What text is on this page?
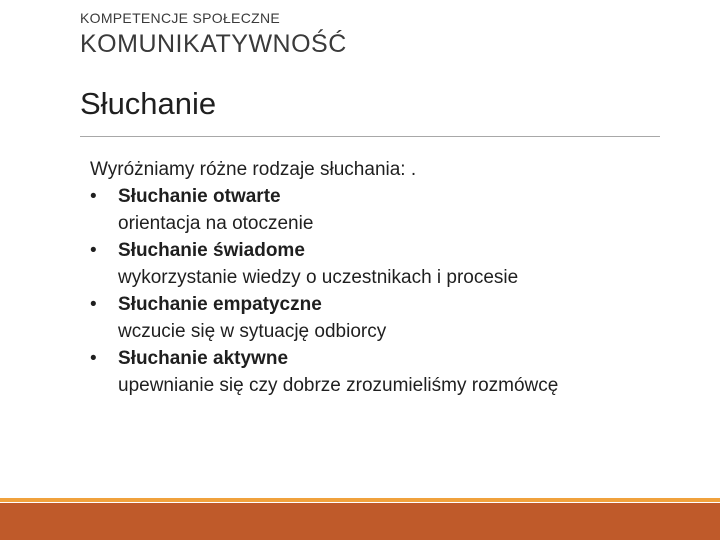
KOMPETENCJE SPOŁECZNE
KOMUNIKATYWNOŚĆ
Słuchanie

Wyróżniamy różne rodzaje słuchania: .

•	Słuchanie otwarte
orientacja na otoczenie
•	Słuchanie świadome
wykorzystanie wiedzy o uczestnikach i procesie
•	Słuchanie empatyczne
wczucie się w sytuację odbiorcy
•	Słuchanie aktywne
upewnianie się czy dobrze zrozumieliśmy rozmówcę
